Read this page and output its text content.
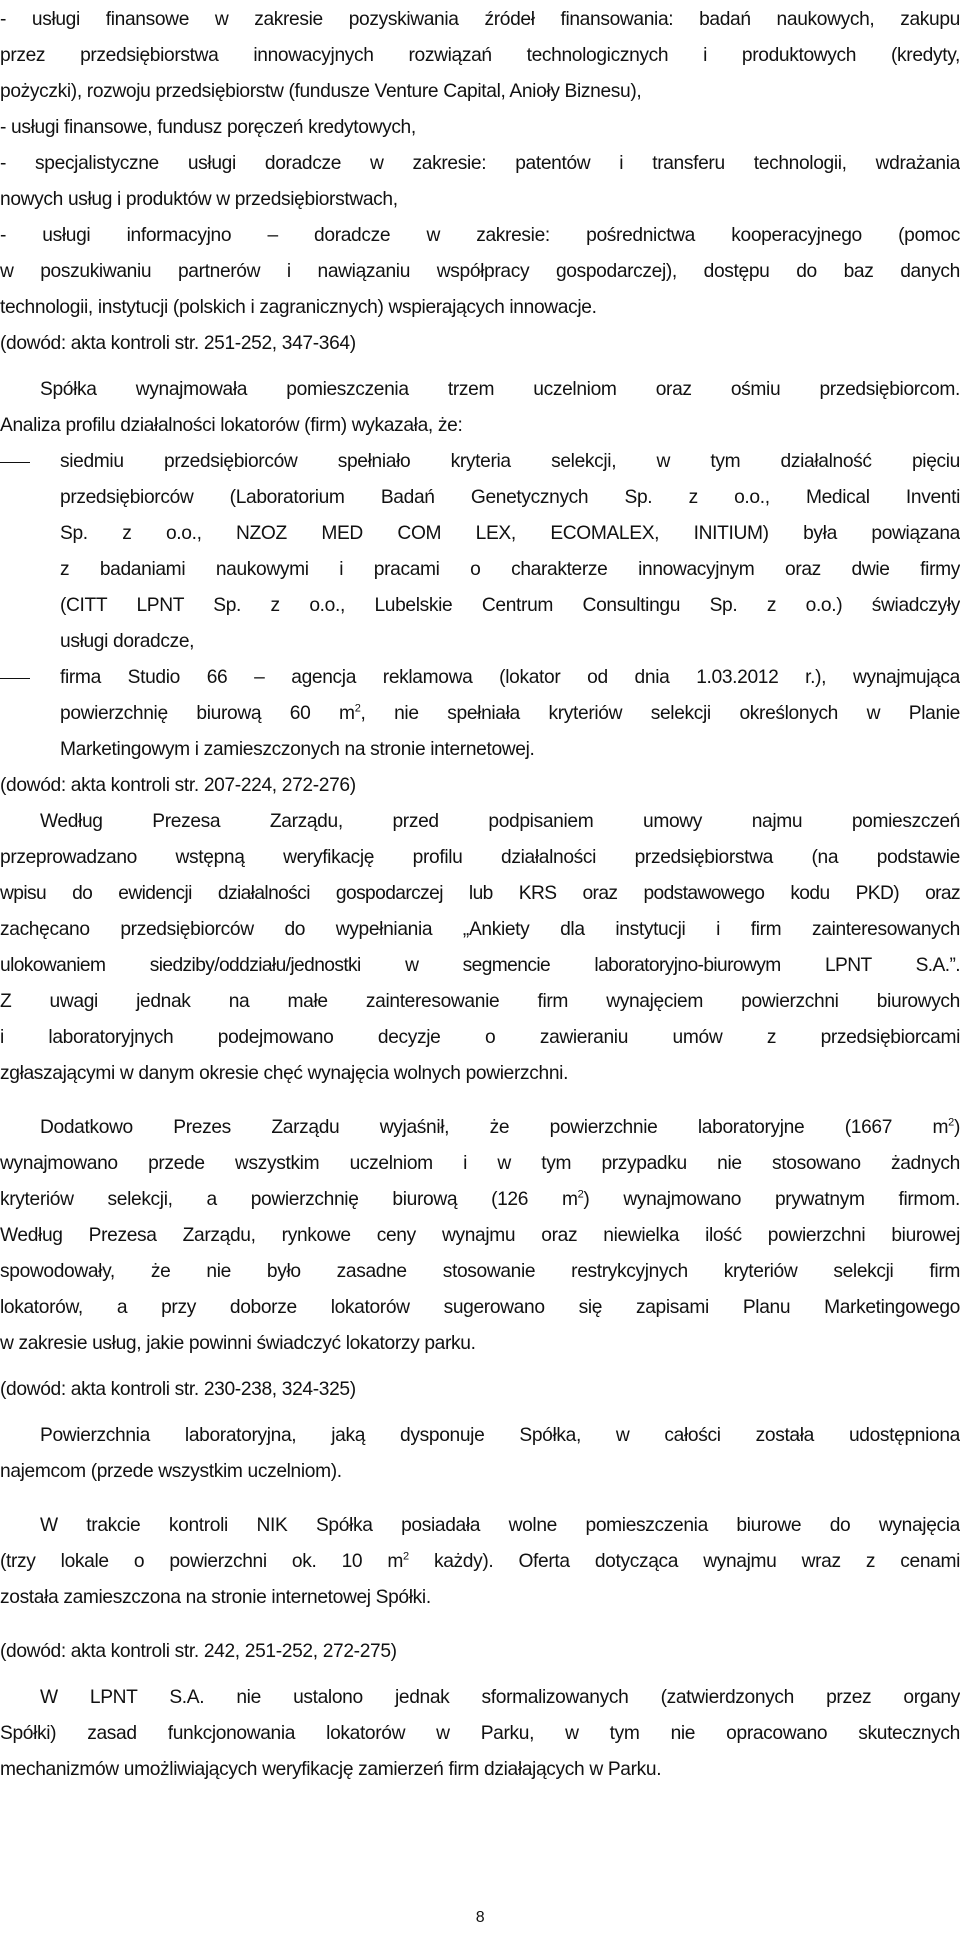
- usługi finansowe w zakresie pozyskiwania źródeł finansowania: badań naukowych, zakupu

przez przedsiębiorstwa innowacyjnych rozwiązań technologicznych i produktowych (kredyty,

pożyczki), rozwoju przedsiębiorstw (fundusze Venture Capital, Anioły Biznesu),

- usługi finansowe, fundusz poręczeń kredytowych,

- specjalistyczne usługi doradcze w zakresie: patentów i transferu technologii, wdrażania

nowych usług i produktów w przedsiębiorstwach,

- usługi informacyjno – doradcze w zakresie: pośrednictwa kooperacyjnego (pomoc

w poszukiwaniu partnerów i nawiązaniu współpracy gospodarczej), dostępu do baz danych

technologii, instytucji (polskich i zagranicznych) wspierających innowacje.

(dowód: akta kontroli str. 251-252, 347-364)

Spółka wynajmowała pomieszczenia trzem uczelniom oraz ośmiu przedsiębiorcom.

Analiza profilu działalności lokatorów (firm) wykazała, że:

siedmiu przedsiębiorców spełniało kryteria selekcji, w tym działalność pięciu

przedsiębiorców (Laboratorium Badań Genetycznych Sp. z o.o., Medical Inventi

Sp. z o.o., NZOZ MED COM LEX, ECOMALEX, INITIUM) była powiązana

z badaniami naukowymi i pracami o charakterze innowacyjnym oraz dwie firmy

(CITT LPNT Sp. z o.o., Lubelskie Centrum Consultingu Sp. z o.o.) świadczyły

usługi doradcze,

firma Studio 66 – agencja reklamowa (lokator od dnia 1.03.2012 r.), wynajmująca

powierzchnię biurową 60 $m^2$, nie spełniała kryteriów selekcji określonych w Planie

Marketingowym i zamieszczonych na stronie internetowej.

(dowód: akta kontroli str. 207-224, 272-276)

Według Prezesa Zarządu, przed podpisaniem umowy najmu pomieszczeń

przeprowadzano wstępną weryfikację profilu działalności przedsiębiorstwa (na podstawie

wpisu do ewidencji działalności gospodarczej lub KRS oraz podstawowego kodu PKD) oraz

zachęcano przedsiębiorców do wypełniania „Ankiety dla instytucji i firm zainteresowanych

ulokowaniem siedziby/oddziału/jednostki w segmencie laboratoryjno-biurowym LPNT S.A.”.

Z uwagi jednak na małe zainteresowanie firm wynajęciem powierzchni biurowych

i laboratoryjnych podejmowano decyzje o zawieraniu umów z przedsiębiorcami

zgłaszającymi w danym okresie chęć wynajęcia wolnych powierzchni.

Dodatkowo Prezes Zarządu wyjaśnił, że powierzchnie laboratoryjne (1667 $m^2$)

wynajmowano przede wszystkim uczelniom i w tym przypadku nie stosowano żadnych

kryteriów selekcji, a powierzchnię biurową (126 $m^2$) wynajmowano prywatnym firmom.

Według Prezesa Zarządu, rynkowe ceny wynajmu oraz niewielka ilość powierzchni biurowej

spowodowały, że nie było zasadne stosowanie restrykcyjnych kryteriów selekcji firm

lokatorów, a przy doborze lokatorów sugerowano się zapisami Planu Marketingowego

w zakresie usług, jakie powinni świadczyć lokatorzy parku.

(dowód: akta kontroli str. 230-238, 324-325)

Powierzchnia laboratoryjna, jaką dysponuje Spółka, w całości została udostępniona

najemcom (przede wszystkim uczelniom).

W trakcie kontroli NIK Spółka posiadała wolne pomieszczenia biurowe do wynajęcia

(trzy lokale o powierzchni ok. 10 $m^2$ każdy). Oferta dotycząca wynajmu wraz z cenami

została zamieszczona na stronie internetowej Spółki.

(dowód: akta kontroli str. 242, 251-252, 272-275)

W LPNT S.A. nie ustalono jednak sformalizowanych (zatwierdzonych przez organy

Spółki) zasad funkcjonowania lokatorów w Parku, w tym nie opracowano skutecznych

mechanizmów umożliwiających weryfikację zamierzeń firm działających w Parku.

8
